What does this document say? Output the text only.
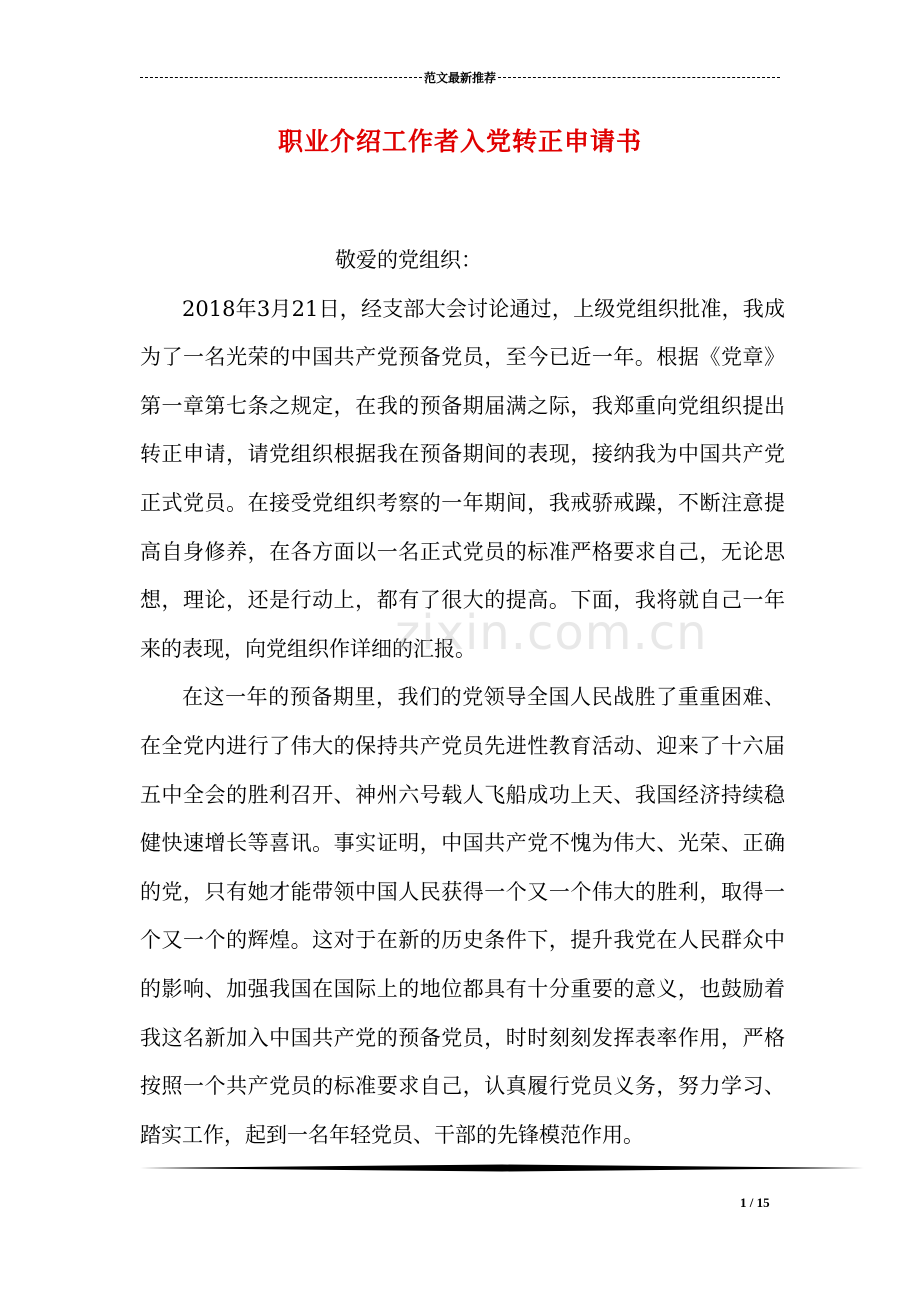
范文最新推荐
职业介绍工作者入党转正申请书

敬爱的党组织：

2018年3月21日，经支部大会讨论通过，上级党组织批准，我成为了一名光荣的中国共产党预备党员，至今已近一年。根据《党章》第一章第七条之规定，在我的预备期届满之际，我郑重向党组织提出转正申请，请党组织根据我在预备期间的表现，接纳我为中国共产党正式党员。在接受党组织考察的一年期间，我戒骄戒躁，不断注意提高自身修养，在各方面以一名正式党员的标准严格要求自己，无论思想，理论，还是行动上，都有了很大的提高。下面，我将就自己一年来的表现，向党组织作详细的汇报。

在这一年的预备期里，我们的党领导全国人民战胜了重重困难、在全党内进行了伟大的保持共产党员先进性教育活动、迎来了十六届五中全会的胜利召开、神州六号载人飞船成功上天、我国经济持续稳健快速增长等喜讯。事实证明，中国共产党不愧为伟大、光荣、正确的党，只有她才能带领中国人民获得一个又一个伟大的胜利，取得一个又一个的辉煌。这对于在新的历史条件下，提升我党在人民群众中的影响、加强我国在国际上的地位都具有十分重要的意义，也鼓励着我这名新加入中国共产党的预备党员，时时刻刻发挥表率作用，严格按照一个共产党员的标准要求自己，认真履行党员义务，努力学习、踏实工作，起到一名年轻党员、干部的先锋模范作用。

zixin.com.cn
1 / 15
